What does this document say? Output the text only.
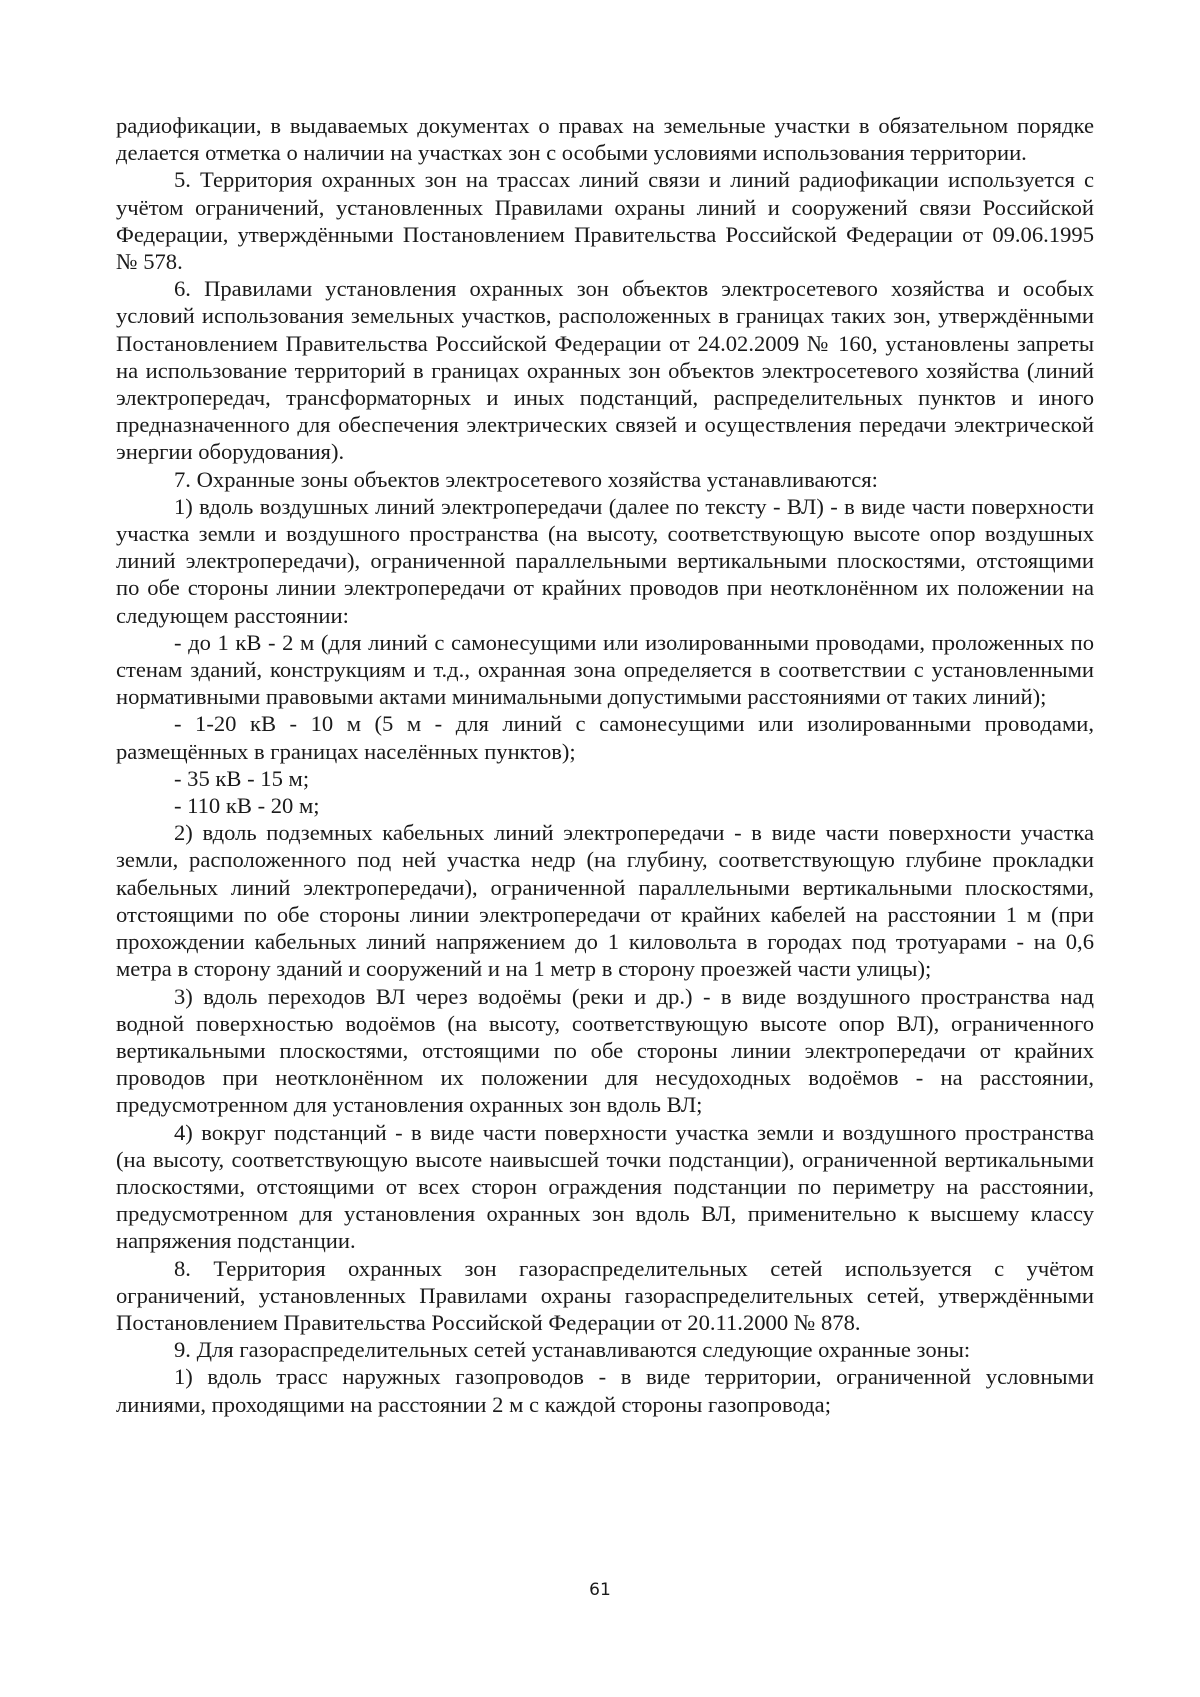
радиофикации, в выдаваемых документах о правах на земельные участки в обязательном порядке делается отметка о наличии на участках зон с особыми условиями использования территории.

5. Территория охранных зон на трассах линий связи и линий радиофикации используется с учётом ограничений, установленных Правилами охраны линий и сооружений связи Российской Федерации, утверждёнными Постановлением Правительства Российской Федерации от 09.06.1995 № 578.

6. Правилами установления охранных зон объектов электросетевого хозяйства и особых условий использования земельных участков, расположенных в границах таких зон, утверждёнными Постановлением Правительства Российской Федерации от 24.02.2009 № 160, установлены запреты на использование территорий в границах охранных зон объектов электросетевого хозяйства (линий электропередач, трансформаторных и иных подстанций, распределительных пунктов и иного предназначенного для обеспечения электрических связей и осуществления передачи электрической энергии оборудования).

7. Охранные зоны объектов электросетевого хозяйства устанавливаются:

1) вдоль воздушных линий электропередачи (далее по тексту - ВЛ) - в виде части поверхности участка земли и воздушного пространства (на высоту, соответствующую высоте опор воздушных линий электропередачи), ограниченной параллельными вертикальными плоскостями, отстоящими по обе стороны линии электропередачи от крайних проводов при неотклонённом их положении на следующем расстоянии:

- до 1 кВ - 2 м (для линий с самонесущими или изолированными проводами, проложенных по стенам зданий, конструкциям и т.д., охранная зона определяется в соответствии с установленными нормативными правовыми актами минимальными допустимыми расстояниями от таких линий);

- 1-20 кВ - 10 м (5 м - для линий с самонесущими или изолированными проводами, размещённых в границах населённых пунктов);

- 35 кВ - 15 м;

- 110 кВ - 20 м;

2) вдоль подземных кабельных линий электропередачи - в виде части поверхности участка земли, расположенного под ней участка недр (на глубину, соответствующую глубине прокладки кабельных линий электропередачи), ограниченной параллельными вертикальными плоскостями, отстоящими по обе стороны линии электропередачи от крайних кабелей на расстоянии 1 м (при прохождении кабельных линий напряжением до 1 киловольта в городах под тротуарами - на 0,6 метра в сторону зданий и сооружений и на 1 метр в сторону проезжей части улицы);

3) вдоль переходов ВЛ через водоёмы (реки и др.) - в виде воздушного пространства над водной поверхностью водоёмов (на высоту, соответствующую высоте опор ВЛ), ограниченного вертикальными плоскостями, отстоящими по обе стороны линии электропередачи от крайних проводов при неотклонённом их положении для несудоходных водоёмов - на расстоянии, предусмотренном для установления охранных зон вдоль ВЛ;

4) вокруг подстанций - в виде части поверхности участка земли и воздушного пространства (на высоту, соответствующую высоте наивысшей точки подстанции), ограниченной вертикальными плоскостями, отстоящими от всех сторон ограждения подстанции по периметру на расстоянии, предусмотренном для установления охранных зон вдоль ВЛ, применительно к высшему классу напряжения подстанции.

8. Территория охранных зон газораспределительных сетей используется с учётом ограничений, установленных Правилами охраны газораспределительных сетей, утверждёнными Постановлением Правительства Российской Федерации от 20.11.2000 № 878.

9. Для газораспределительных сетей устанавливаются следующие охранные зоны:

1) вдоль трасс наружных газопроводов - в виде территории, ограниченной условными линиями, проходящими на расстоянии 2 м с каждой стороны газопровода;

61
